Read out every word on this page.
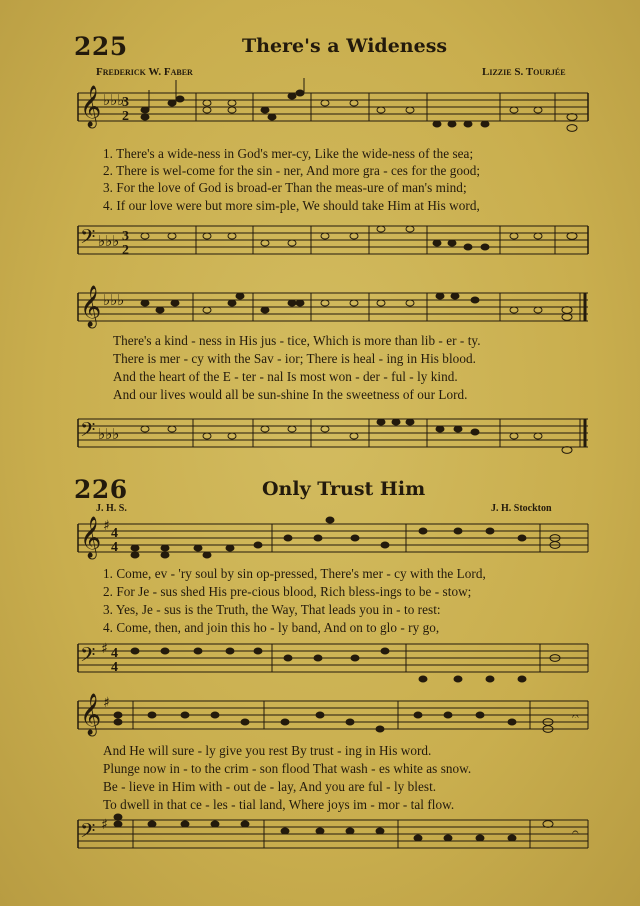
225	There's a Wideness
Frederick W. Faber	Lizzie S. Tourjée
𝄞 ♭♭♭
3
2
1. There's a wide-ness in God's mer-cy, Like the wide-ness of the sea;
2. There is wel-come for the sin - ner, And more gra - ces for the good;
3. For the love of God is broad-er Than the meas-ure of man's mind;
4. If our love were but more sim-ple, We should take Him at His word,
𝄢 ♭♭♭ 3
2
𝄞 ♭♭♭
There's a kind - ness in His jus - tice, Which is more than lib - er - ty.
There is mer - cy with the Sav - ior; There is heal - ing in His blood.
And the heart of the E - ter - nal Is most won - der - ful - ly kind.
And our lives would all be sun-shine In the sweetness of our Lord.
𝄢 ♭♭♭
226	Only Trust Him
J. H. S.	J. H. Stockton
𝄞 ♯ 4
4
1. Come, ev - 'ry soul by sin op-pressed, There's mer - cy with the Lord,
2. For Je - sus shed His pre-cious blood, Rich bless-ings to be - stow;
3. Yes, Je - sus is the Truth, the Way, That leads you in - to rest:
4. Come, then, and join this ho - ly band, And on to glo - ry go,
𝄢 ♯ 4
4
𝄞 ♯
𝄐
And He will sure - ly give you rest By trust - ing in His word.
Plunge now in - to the crim - son flood That wash - es white as snow.
Be - lieve in Him with - out de - lay, And you are ful - ly blest.
To dwell in that ce - les - tial land, Where joys im - mor - tal flow.
𝄢 ♯	𝄐
